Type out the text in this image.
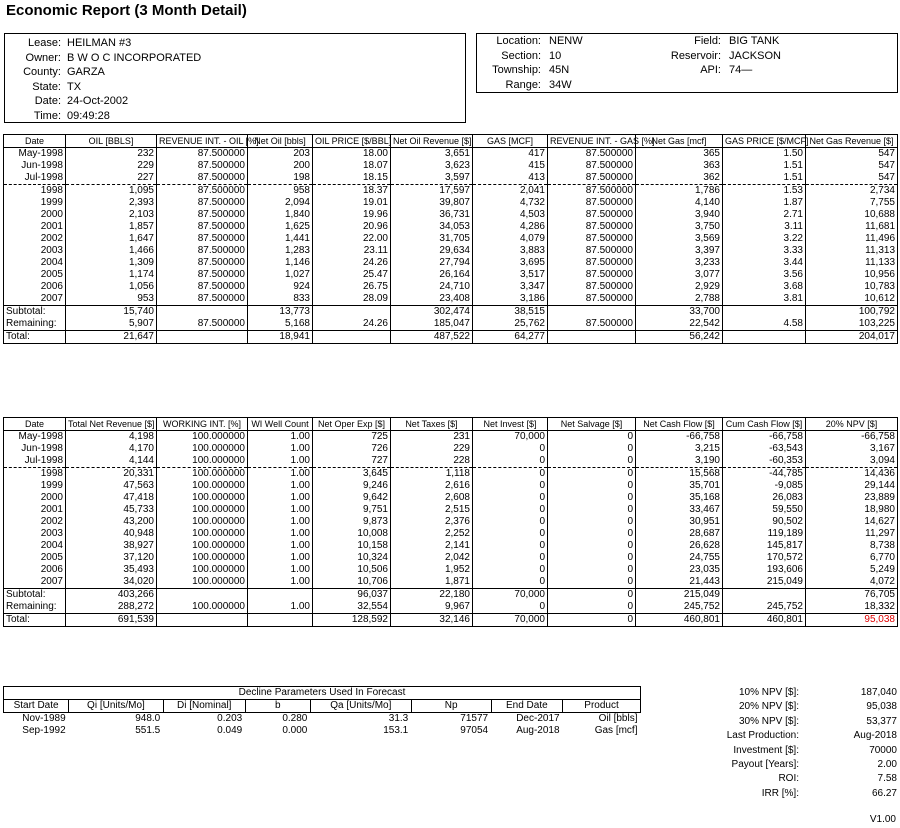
Economic Report (3 Month Detail)
Lease: HEILMAN #3
Owner: B W O C INCORPORATED
County: GARZA
State: TX
Date: 24-Oct-2002
Time: 09:49:28
Location: NENW
Section: 10
Township: 45N
Range: 34W
Field: BIG TANK
Reservoir: JACKSON
API: 74—
Date	OIL [BBLS]	REVENUE INT. - OIL [%]	Net Oil [bbls]	OIL PRICE [$/BBL]	Net Oil Revenue [$]	GAS [MCF]	REVENUE INT. - GAS [%]	Net Gas [mcf]	GAS PRICE [$/MCF]	Net Gas Revenue [$]
May-1998	232	87.500000	203	18.00	3,651	417	87.500000	365	1.50	547
Jun-1998	229	87.500000	200	18.07	3,623	415	87.500000	363	1.51	547
Jul-1998	227	87.500000	198	18.15	3,597	413	87.500000	362	1.51	547
1998	1,095	87.500000	958	18.37	17,597	2,041	87.500000	1,786	1.53	2,734
1999	2,393	87.500000	2,094	19.01	39,807	4,732	87.500000	4,140	1.87	7,755
2000	2,103	87.500000	1,840	19.96	36,731	4,503	87.500000	3,940	2.71	10,688
2001	1,857	87.500000	1,625	20.96	34,053	4,286	87.500000	3,750	3.11	11,681
2002	1,647	87.500000	1,441	22.00	31,705	4,079	87.500000	3,569	3.22	11,496
2003	1,466	87.500000	1,283	23.11	29,634	3,883	87.500000	3,397	3.33	11,313
2004	1,309	87.500000	1,146	24.26	27,794	3,695	87.500000	3,233	3.44	11,133
2005	1,174	87.500000	1,027	25.47	26,164	3,517	87.500000	3,077	3.56	10,956
2006	1,056	87.500000	924	26.75	24,710	3,347	87.500000	2,929	3.68	10,783
2007	953	87.500000	833	28.09	23,408	3,186	87.500000	2,788	3.81	10,612
Subtotal:	15,740		13,773		302,474	38,515		33,700		100,792
Remaining:	5,907	87.500000	5,168	24.26	185,047	25,762	87.500000	22,542	4.58	103,225
Total:	21,647		18,941		487,522	64,277		56,242		204,017
Date	Total Net Revenue [$]	WORKING INT. [%]	WI Well Count	Net Oper Exp [$]	Net Taxes [$]	Net Invest [$]	Net Salvage [$]	Net Cash Flow [$]	Cum Cash Flow [$]	20% NPV [$]
May-1998	4,198	100.000000	1.00	725	231	70,000	0	-66,758	-66,758	-66,758
Jun-1998	4,170	100.000000	1.00	726	229	0	0	3,215	-63,543	3,167
Jul-1998	4,144	100.000000	1.00	727	228	0	0	3,190	-60,353	3,094
1998	20,331	100.000000	1.00	3,645	1,118	0	0	15,568	-44,785	14,436
1999	47,563	100.000000	1.00	9,246	2,616	0	0	35,701	-9,085	29,144
2000	47,418	100.000000	1.00	9,642	2,608	0	0	35,168	26,083	23,889
2001	45,733	100.000000	1.00	9,751	2,515	0	0	33,467	59,550	18,980
2002	43,200	100.000000	1.00	9,873	2,376	0	0	30,951	90,502	14,627
2003	40,948	100.000000	1.00	10,008	2,252	0	0	28,687	119,189	11,297
2004	38,927	100.000000	1.00	10,158	2,141	0	0	26,628	145,817	8,738
2005	37,120	100.000000	1.00	10,324	2,042	0	0	24,755	170,572	6,770
2006	35,493	100.000000	1.00	10,506	1,952	0	0	23,035	193,606	5,249
2007	34,020	100.000000	1.00	10,706	1,871	0	0	21,443	215,049	4,072
Subtotal:	403,266			96,037	22,180	70,000	0	215,049		76,705
Remaining:	288,272	100.000000	1.00	32,554	9,967	0	0	245,752	245,752	18,332
Total:	691,539			128,592	32,146	70,000	0	460,801	460,801	95,038
Decline Parameters Used In Forecast							
Start Date	Qi [Units/Mo]	Di [Nominal]	b	Qa [Units/Mo]	Np	End Date	Product
Nov-1989	948.0	0.203	0.280	31.3	71577	Dec-2017	Oil [bbls]
Sep-1992	551.5	0.049	0.000	153.1	97054	Aug-2018	Gas [mcf]
10% NPV [$]:	187,040
20% NPV [$]:	95,038
30% NPV [$]:	53,377
Last Production:	Aug-2018
Investment [$]:	70000
Payout [Years]:	2.00
ROI:	7.58
IRR [%]:	66.27
V1.00
